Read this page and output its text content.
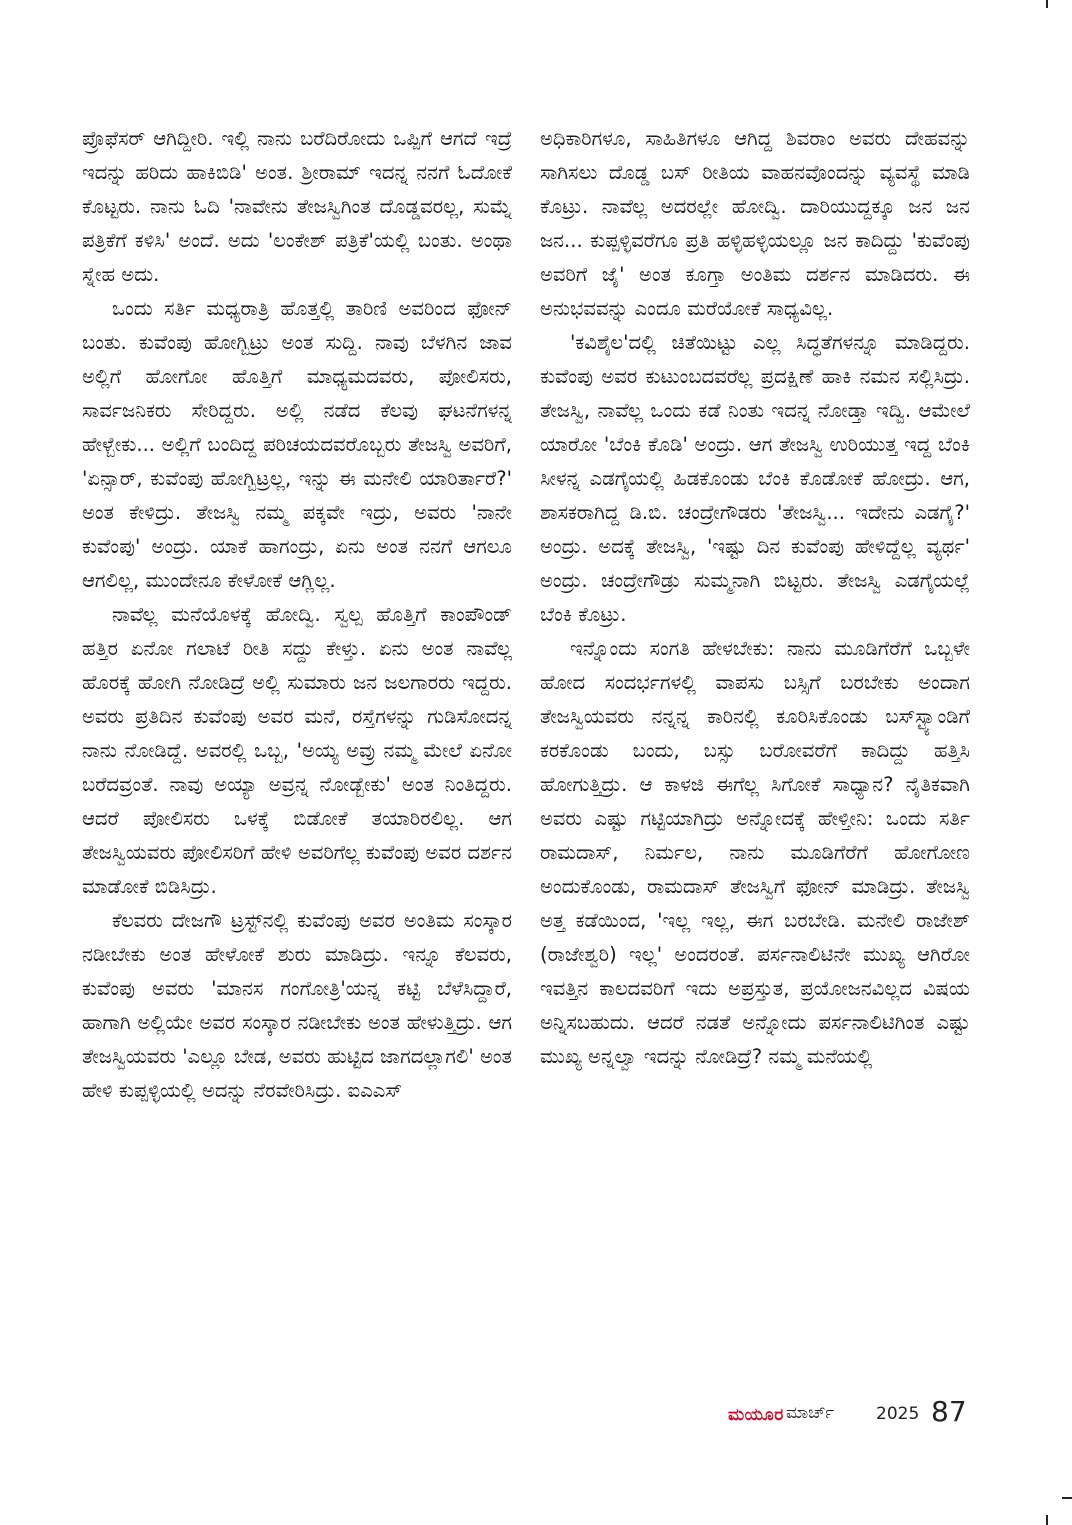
ಪ್ರೊಫೆಸರ್ ಆಗಿದ್ದೀರಿ. ಇಲ್ಲಿ ನಾನು ಬರೆದಿರೋದು ಒಪ್ಪಿಗೆ ಆಗದೆ ಇದ್ರೆ ಇದನ್ನು ಹರಿದು ಹಾಕಿಬಿಡಿ' ಅಂತ. ಶ್ರೀರಾಮ್ ಇದನ್ನ ನನಗೆ ಓದೋಕೆ ಕೊಟ್ಟರು. ನಾನು ಓದಿ 'ನಾವೇನು ತೇಜಸ್ವಿಗಿಂತ ದೊಡ್ಡವರಲ್ಲ, ಸುಮ್ನೆ ಪತ್ರಿಕೆಗೆ ಕಳಿಸಿ' ಅಂದೆ. ಅದು 'ಲಂಕೇಶ್ ಪತ್ರಿಕೆ'ಯಲ್ಲಿ ಬಂತು. ಅಂಥಾ ಸ್ನೇಹ ಅದು.

ಒಂದು ಸರ್ತಿ ಮಧ್ಯರಾತ್ರಿ ಹೊತ್ತಲ್ಲಿ ತಾರಿಣಿ ಅವರಿಂದ ಫೋನ್ ಬಂತು. ಕುವೆಂಪು ಹೋಗ್ಬಿಟ್ರು ಅಂತ ಸುದ್ದಿ. ನಾವು ಬೆಳಗಿನ ಜಾವ ಅಲ್ಲಿಗೆ ಹೋಗೋ ಹೊತ್ತಿಗೆ ಮಾಧ್ಯಮದವರು, ಪೋಲಿಸರು, ಸಾರ್ವಜನಿಕರು ಸೇರಿದ್ದರು. ಅಲ್ಲಿ ನಡೆದ ಕೆಲವು ಘಟನೆಗಳನ್ನ ಹೇಳ್ಬೇಕು... ಅಲ್ಲಿಗೆ ಬಂದಿದ್ದ ಪರಿಚಯದವರೊಬ್ಬರು ತೇಜಸ್ವಿ ಅವರಿಗೆ, 'ಏನ್ಸಾರ್, ಕುವೆಂಪು ಹೋಗ್ಬಿಟ್ರಲ್ಲ, ಇನ್ನು ಈ ಮನೇಲಿ ಯಾರಿರ್ತಾರೆ?' ಅಂತ ಕೇಳಿದ್ರು. ತೇಜಸ್ವಿ ನಮ್ಮ ಪಕ್ಕವೇ ಇದ್ರು, ಅವರು 'ನಾನೇ ಕುವೆಂಪು' ಅಂದ್ರು. ಯಾಕೆ ಹಾಗಂದ್ರು, ಏನು ಅಂತ ನನಗೆ ಆಗಲೂ ಆಗಲಿಲ್ಲ, ಮುಂದೇನೂ ಕೇಳೋಕೆ ಆಗ್ಲಿಲ್ಲ.

ನಾವೆಲ್ಲ ಮನೆಯೊಳಕ್ಕೆ ಹೋದ್ವಿ. ಸ್ವಲ್ಪ ಹೊತ್ತಿಗೆ ಕಾಂಪೌಂಡ್ ಹತ್ತಿರ ಏನೋ ಗಲಾಟೆ ರೀತಿ ಸದ್ದು ಕೇಳ್ತು. ಏನು ಅಂತ ನಾವೆಲ್ಲ ಹೊರಕ್ಕೆ ಹೋಗಿ ನೋಡಿದ್ರೆ ಅಲ್ಲಿ ಸುಮಾರು ಜನ ಜಲಗಾರರು ಇದ್ದರು. ಅವರು ಪ್ರತಿದಿನ ಕುವೆಂಪು ಅವರ ಮನೆ, ರಸ್ತೆಗಳನ್ನು ಗುಡಿಸೋದನ್ನ ನಾನು ನೋಡಿದ್ದೆ. ಅವರಲ್ಲಿ ಒಬ್ಬ, 'ಅಯ್ಯ ಅವ್ರು ನಮ್ಮ ಮೇಲೆ ಏನೋ ಬರೆದವ್ರಂತೆ. ನಾವು ಅಯ್ಯಾ ಅವ್ರನ್ನ ನೋಡ್ಬೇಕು' ಅಂತ ನಿಂತಿದ್ದರು. ಆದರೆ ಪೋಲಿಸರು ಒಳಕ್ಕೆ ಬಿಡೋಕೆ ತಯಾರಿರಲಿಲ್ಲ. ಆಗ ತೇಜಸ್ವಿಯವರು ಪೋಲಿಸರಿಗೆ ಹೇಳಿ ಅವರಿಗೆಲ್ಲ ಕುವೆಂಪು ಅವರ ದರ್ಶನ ಮಾಡೋಕೆ ಬಿಡಿಸಿದ್ರು.

ಕೆಲವರು ದೇಜಗೌ ಟ್ರಸ್ಟ್‌ನಲ್ಲಿ ಕುವೆಂಪು ಅವರ ಅಂತಿಮ ಸಂಸ್ಕಾರ ನಡೀಬೇಕು ಅಂತ ಹೇಳೋಕೆ ಶುರು ಮಾಡಿದ್ರು. ಇನ್ನೂ ಕೆಲವರು, ಕುವೆಂಪು ಅವರು 'ಮಾನಸ ಗಂಗೋತ್ರಿ'ಯನ್ನ ಕಟ್ಟಿ ಬೆಳೆಸಿದ್ದಾರೆ, ಹಾಗಾಗಿ ಅಲ್ಲಿಯೇ ಅವರ ಸಂಸ್ಕಾರ ನಡೀಬೇಕು ಅಂತ ಹೇಳುತ್ತಿದ್ರು. ಆಗ ತೇಜಸ್ವಿಯವರು 'ಎಲ್ಲೂ ಬೇಡ, ಅವರು ಹುಟ್ಟಿದ ಜಾಗದಲ್ಲಾಗಲಿ' ಅಂತ ಹೇಳಿ ಕುಪ್ಪಳ್ಳಿಯಲ್ಲಿ ಅದನ್ನು ನೆರವೇರಿಸಿದ್ರು. ಐಎಎಸ್

ಅಧಿಕಾರಿಗಳೂ, ಸಾಹಿತಿಗಳೂ ಆಗಿದ್ದ ಶಿವರಾಂ ಅವರು ದೇಹವನ್ನು ಸಾಗಿಸಲು ದೊಡ್ಡ ಬಸ್ ರೀತಿಯ ವಾಹನವೊಂದನ್ನು ವ್ಯವಸ್ಥೆ ಮಾಡಿ ಕೊಟ್ರು. ನಾವೆಲ್ಲ ಅದರಲ್ಲೇ ಹೋದ್ವಿ. ದಾರಿಯುದ್ದಕ್ಕೂ ಜನ ಜನ ಜನ... ಕುಪ್ಪಳ್ಳಿವರೆಗೂ ಪ್ರತಿ ಹಳ್ಳಿಹಳ್ಳಿಯಲ್ಲೂ ಜನ ಕಾದಿದ್ದು 'ಕುವೆಂಪು ಅವರಿಗೆ ಜೈ' ಅಂತ ಕೂಗ್ತಾ ಅಂತಿಮ ದರ್ಶನ ಮಾಡಿದರು. ಈ ಅನುಭವವನ್ನು ಎಂದೂ ಮರೆಯೋಕೆ ಸಾಧ್ಯವಿಲ್ಲ.

'ಕವಿಶೈಲ'ದಲ್ಲಿ ಚಿತೆಯಿಟ್ಟು ಎಲ್ಲ ಸಿದ್ಧತೆಗಳನ್ನೂ ಮಾಡಿದ್ದರು. ಕುವೆಂಪು ಅವರ ಕುಟುಂಬದವರೆಲ್ಲ ಪ್ರದಕ್ಷಿಣೆ ಹಾಕಿ ನಮನ ಸಲ್ಲಿಸಿದ್ರು. ತೇಜಸ್ವಿ, ನಾವೆಲ್ಲ ಒಂದು ಕಡೆ ನಿಂತು ಇದನ್ನ ನೋಡ್ತಾ ಇದ್ವಿ. ಆಮೇಲೆ ಯಾರೋ 'ಬೆಂಕಿ ಕೊಡಿ' ಅಂದ್ರು. ಆಗ ತೇಜಸ್ವಿ ಉರಿಯುತ್ತ ಇದ್ದ ಬೆಂಕಿ ಸೀಳನ್ನ ಎಡಗೈಯಲ್ಲಿ ಹಿಡಕೊಂಡು ಬೆಂಕಿ ಕೊಡೋಕೆ ಹೋದ್ರು. ಆಗ, ಶಾಸಕರಾಗಿದ್ದ ಡಿ.ಬಿ. ಚಂದ್ರೇಗೌಡರು 'ತೇಜಸ್ವಿ... ಇದೇನು ಎಡಗೈ?' ಅಂದ್ರು. ಅದಕ್ಕೆ ತೇಜಸ್ವಿ, 'ಇಷ್ಟು ದಿನ ಕುವೆಂಪು ಹೇಳಿದ್ದೆಲ್ಲ ವ್ಯರ್ಥ' ಅಂದ್ರು. ಚಂದ್ರೇಗೌಡ್ರು ಸುಮ್ಮನಾಗಿ ಬಿಟ್ಟರು. ತೇಜಸ್ವಿ ಎಡಗೈಯಲ್ಲೆ ಬೆಂಕಿ ಕೊಟ್ರು.

ಇನ್ನೊಂದು ಸಂಗತಿ ಹೇಳಬೇಕು: ನಾನು ಮೂಡಿಗೆರೆಗೆ ಒಬ್ಬಳೇ ಹೋದ ಸಂದರ್ಭಗಳಲ್ಲಿ ವಾಪಸು ಬಸ್ಸಿಗೆ ಬರಬೇಕು ಅಂದಾಗ ತೇಜಸ್ವಿಯವರು ನನ್ನನ್ನ ಕಾರಿನಲ್ಲಿ ಕೂರಿಸಿಕೊಂಡು ಬಸ್‌ಸ್ಟ್ಯಾಂಡಿಗೆ ಕರಕೊಂಡು ಬಂದು, ಬಸ್ಸು ಬರೋವರೆಗೆ ಕಾದಿದ್ದು ಹತ್ತಿಸಿ ಹೋಗುತ್ತಿದ್ರು. ಆ ಕಾಳಜಿ ಈಗೆಲ್ಲ ಸಿಗೋಕೆ ಸಾಧ್ಯಾನ? ನೈತಿಕವಾಗಿ ಅವರು ಎಷ್ಟು ಗಟ್ಟಿಯಾಗಿದ್ರು ಅನ್ನೋದಕ್ಕೆ ಹೇಳ್ತೀನಿ: ಒಂದು ಸರ್ತಿ ರಾಮದಾಸ್, ನಿರ್ಮಲ, ನಾನು ಮೂಡಿಗೆರೆಗೆ ಹೋಗೋಣ ಅಂದುಕೊಂಡು, ರಾಮದಾಸ್ ತೇಜಸ್ವಿಗೆ ಫೋನ್ ಮಾಡಿದ್ರು. ತೇಜಸ್ವಿ ಅತ್ತ ಕಡೆಯಿಂದ, 'ಇಲ್ಲ ಇಲ್ಲ, ಈಗ ಬರಬೇಡಿ. ಮನೇಲಿ ರಾಜೇಶ್ (ರಾಜೇಶ್ವರಿ) ಇಲ್ಲ' ಅಂದರಂತೆ. ಪರ್ಸನಾಲಿಟಿನೇ ಮುಖ್ಯ ಆಗಿರೋ ಇವತ್ತಿನ ಕಾಲದವರಿಗೆ ಇದು ಅಪ್ರಸ್ತುತ, ಪ್ರಯೋಜನವಿಲ್ಲದ ವಿಷಯ ಅನ್ನಿಸಬಹುದು. ಆದರೆ ನಡತೆ ಅನ್ನೋದು ಪರ್ಸನಾಲಿಟಿಗಿಂತ ಎಷ್ಟು ಮುಖ್ಯ ಅನ್ನಲ್ವಾ ಇದನ್ನು ನೋಡಿದ್ರೆ? ನಮ್ಮ ಮನೆಯಲ್ಲಿ

ಮಯೂರ ಮಾರ್ಚ್ 2025 87
